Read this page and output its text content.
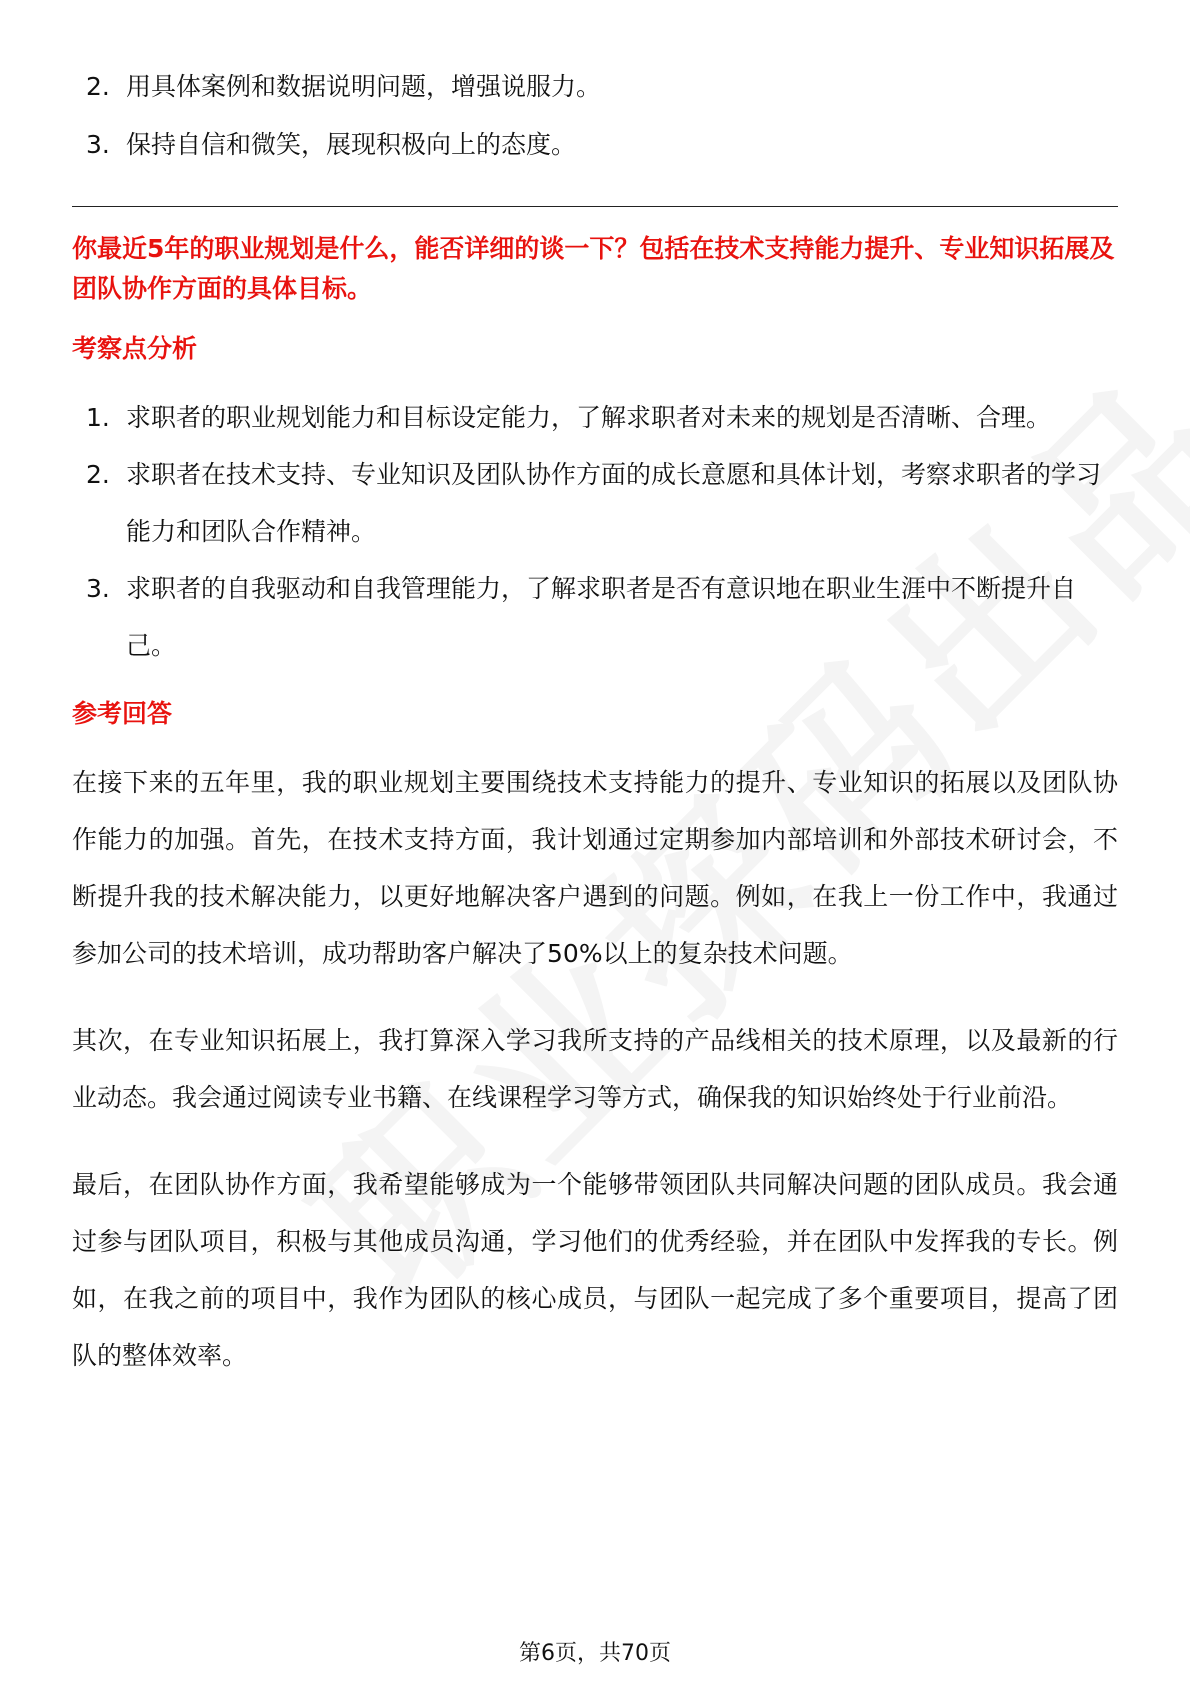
2. 用具体案例和数据说明问题，增强说服力。
3. 保持自信和微笑，展现积极向上的态度。

你最近5年的职业规划是什么，能否详细的谈一下？包括在技术支持能力提升、专业知识拓展及团队协作方面的具体目标。

考察点分析
1. 求职者的职业规划能力和目标设定能力，了解求职者对未来的规划是否清晰、合理。
2. 求职者在技术支持、专业知识及团队协作方面的成长意愿和具体计划，考察求职者的学习能力和团队合作精神。
3. 求职者的自我驱动和自我管理能力，了解求职者是否有意识地在职业生涯中不断提升自己。
参考回答

在接下来的五年里，我的职业规划主要围绕技术支持能力的提升、专业知识的拓展以及团队协作能力的加强。首先，在技术支持方面，我计划通过定期参加内部培训和外部技术研讨会，不断提升我的技术解决能力，以更好地解决客户遇到的问题。例如，在我上一份工作中，我通过参加公司的技术培训，成功帮助客户解决了50%以上的复杂技术问题。

其次，在专业知识拓展上，我打算深入学习我所支持的产品线相关的技术原理，以及最新的行业动态。我会通过阅读专业书籍、在线课程学习等方式，确保我的知识始终处于行业前沿。

最后，在团队协作方面，我希望能够成为一个能够带领团队共同解决问题的团队成员。我会通过参与团队项目，积极与其他成员沟通，学习他们的优秀经验，并在团队中发挥我的专长。例如，在我之前的项目中，我作为团队的核心成员，与团队一起完成了多个重要项目，提高了团队的整体效率。

第6页，共70页
